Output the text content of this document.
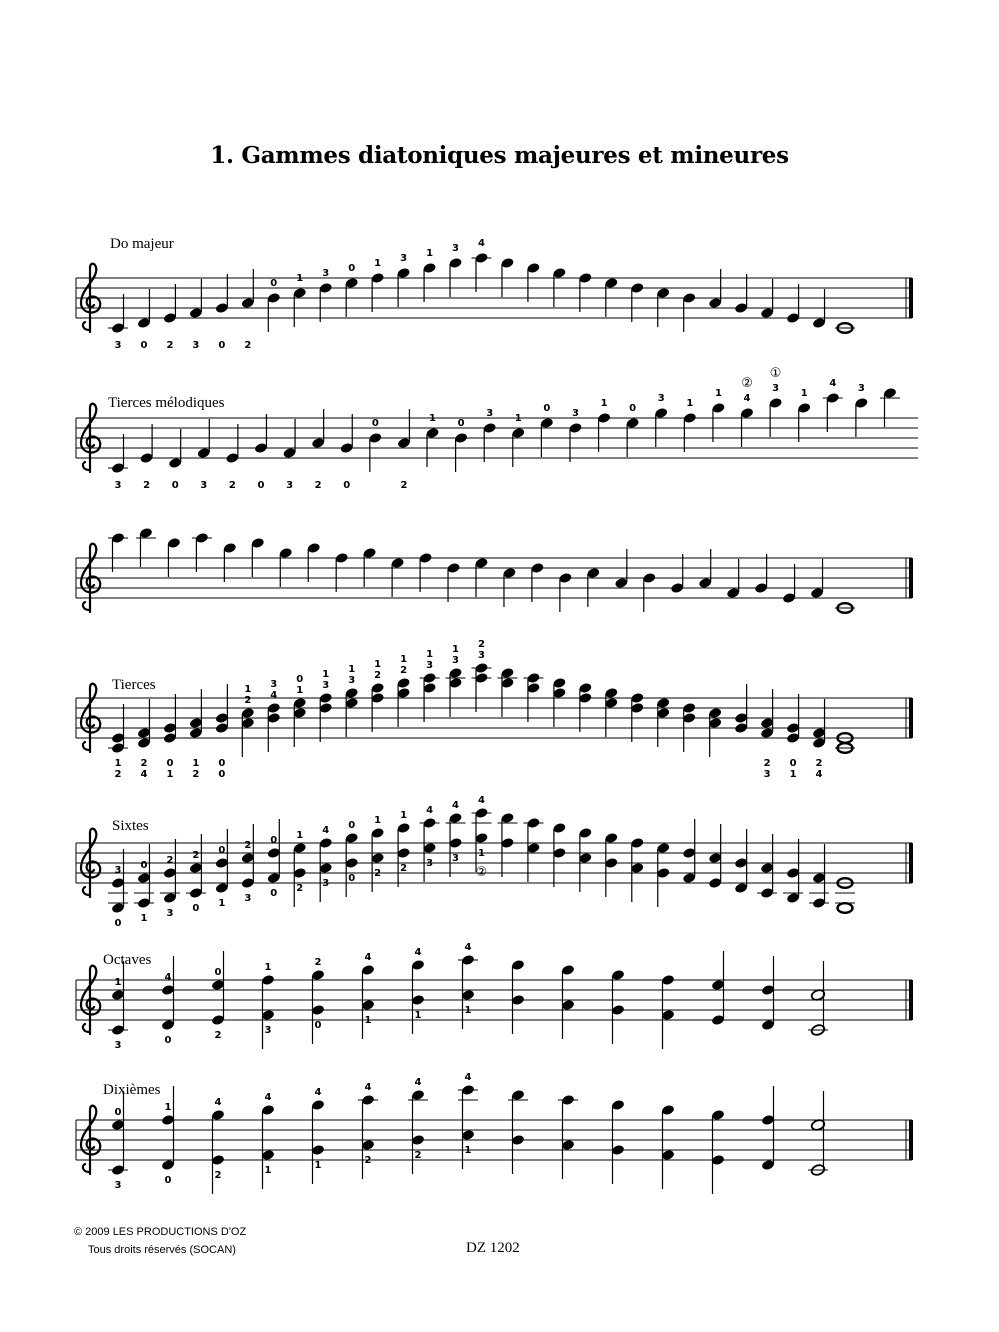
1. Gammes diatoniques majeures et mineures
Do majeur
3 0 2 3 0 2
0 1 3 0 1 3 1 3 4
Tierces mélodiques
3 2 0 3 2 0 3 2 0
0
2
1 0
3 1
0 3
1 0
3 1
1 4
② 3
①
1
4 3
Tierces
1
2
2
4
0
1
1
2
0
0
1
2
3
4
0
1
1
3
1
3
1
2
1
2
1
3
1
3
2
3
2
3
0
1
2
4
Sixtes
3
0
0
1
2
3
2
0
0
1
2
3
0
0
1
2
4
3
0
0
1
2
1
2
4
3
4
3
4
1
②
Octaves
1
3
4
0
0
2
1
3
2
0
4
1
4
1
4
1
Dixièmes
0
3
1
0
4
2
4
1
4
1
4
2
4
2
4
1
© 2009 LES PRODUCTIONS D'OZ
Tous droits réservés (SOCAN)	DZ 1202
